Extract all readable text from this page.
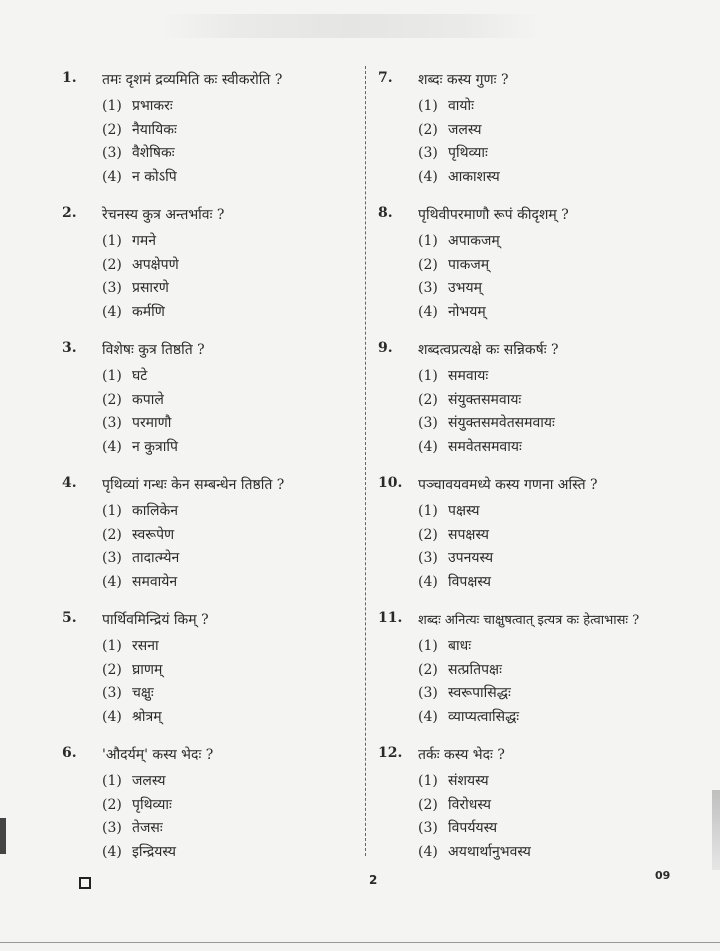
1.	तमः दृशमं द्रव्यमिति कः स्वीकरोति ?
(1) प्रभाकरः
(2) नैयायिकः
(3) वैशेषिकः
(4) न कोऽपि
2.	रेचनस्य कुत्र अन्तर्भावः ?
(1) गमने
(2) अपक्षेपणे
(3) प्रसारणे
(4) कर्मणि
3.	विशेषः कुत्र तिष्ठति ?
(1) घटे
(2) कपाले
(3) परमाणौ
(4) न कुत्रापि
4.	पृथिव्यां गन्धः केन सम्बन्धेन तिष्ठति ?
(1) कालिकेन
(2) स्वरूपेण
(3) तादात्म्येन
(4) समवायेन
5.	पार्थिवमिन्द्रियं किम् ?
(1) रसना
(2) घ्राणम्
(3) चक्षुः
(4) श्रोत्रम्
6.	'औदर्यम्' कस्य भेदः ?
(1) जलस्य
(2) पृथिव्याः
(3) तेजसः
(4) इन्द्रियस्य
7.	शब्दः कस्य गुणः ?
(1) वायोः
(2) जलस्य
(3) पृथिव्याः
(4) आकाशस्य
8.	पृथिवीपरमाणौ रूपं कीदृशम् ?
(1) अपाकजम्
(2) पाकजम्
(3) उभयम्
(4) नोभयम्
9.	शब्दत्वप्रत्यक्षे कः सन्निकर्षः ?
(1) समवायः
(2) संयुक्तसमवायः
(3) संयुक्तसमवेतसमवायः
(4) समवेतसमवायः
10.	पञ्चावयवमध्ये कस्य गणना अस्ति ?
(1) पक्षस्य
(2) सपक्षस्य
(3) उपनयस्य
(4) विपक्षस्य
11.	शब्दः अनित्यः चाक्षुषत्वात् इत्यत्र कः हेत्वाभासः ?
(1) बाधः
(2) सत्प्रतिपक्षः
(3) स्वरूपासिद्धः
(4) व्याप्यत्वासिद्धः
12.	तर्कः कस्य भेदः ?
(1) संशयस्य
(2) विरोधस्य
(3) विपर्ययस्य
(4) अयथार्थानुभवस्य
2	09
